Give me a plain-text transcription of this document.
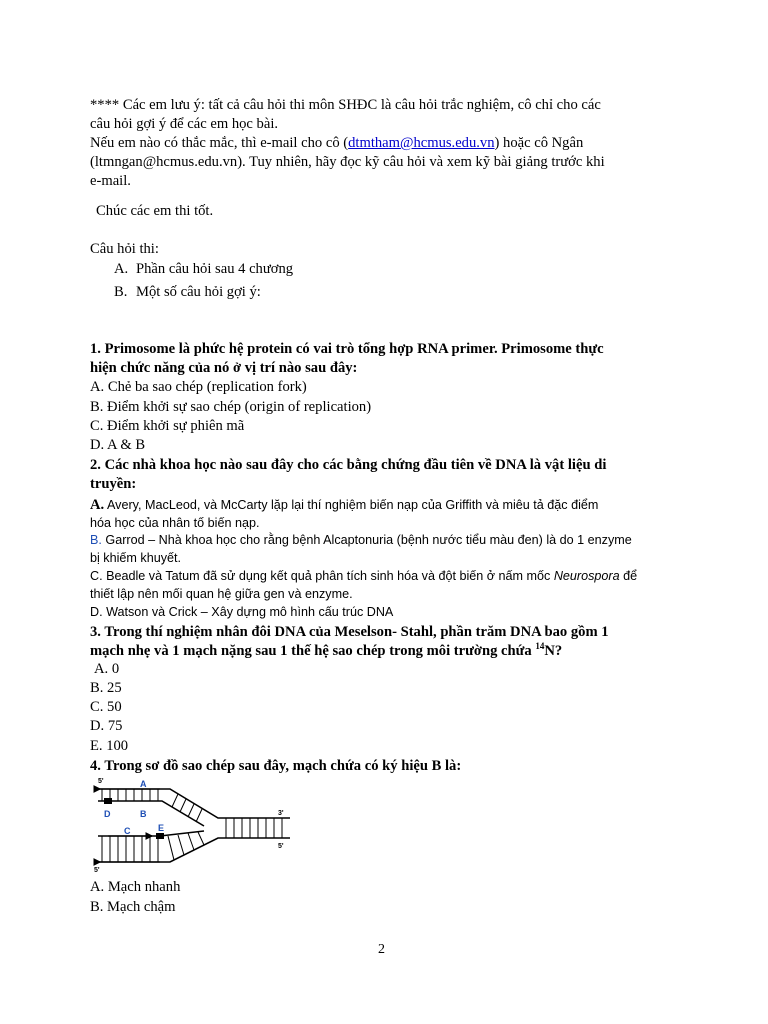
**** Các em lưu ý: tất cả câu hỏi thi môn SHĐC là câu hỏi trắc nghiệm, cô chỉ cho các
câu hỏi gợi ý để các em học bài.
Nếu em nào có thắc mắc, thì e-mail cho cô (dtmtham@hcmus.edu.vn) hoặc cô Ngân
(ltmngan@hcmus.edu.vn). Tuy nhiên, hãy đọc kỹ câu hỏi và xem kỹ bài giảng trước khi
e-mail.
Chúc các em thi tốt.
Câu hỏi thi:
A. Phần câu hỏi sau 4 chương
B. Một số câu hỏi gợi ý:
1. Primosome là phức hệ protein có vai trò tổng hợp RNA primer. Primosome thực
hiện chức năng của nó ở vị trí nào sau đây:
A. Chẻ ba sao chép (replication fork)
B. Điểm khởi sự sao chép (origin of replication)
C. Điểm khởi sự phiên mã
D. A & B
2. Các nhà khoa học nào sau đây cho các bằng chứng đầu tiên về DNA là vật liệu di
truyền:
A. Avery, MacLeod, và McCarty lặp lại thí nghiệm biến nạp của Griffith và miêu tả đặc điểm
hóa học của nhân tố biến nạp.
B. Garrod – Nhà khoa học cho rằng bệnh Alcaptonuria (bệnh nước tiểu màu đen) là do 1 enzyme
bị khiếm khuyết.
C. Beadle và Tatum đã sử dụng kết quả phân tích sinh hóa và đột biến ở nấm mốc Neurospora để
thiết lập nên mối quan hệ giữa gen và enzyme.
D. Watson và Crick – Xây dựng mô hình cấu trúc DNA
3. Trong thí nghiệm nhân đôi DNA của Meselson- Stahl, phần trăm DNA bao gồm 1
mạch nhẹ và 1 mạch nặng sau 1 thế hệ sao chép trong môi trường chứa $^{14}$N?
A. 0
B. 25
C. 50
D. 75
E. 100
4. Trong sơ đồ sao chép sau đây, mạch chứa có ký hiệu B là:
A
D	B
C	E
5'
5'
3'
5'
A. Mạch nhanh
B. Mạch chậm
2
